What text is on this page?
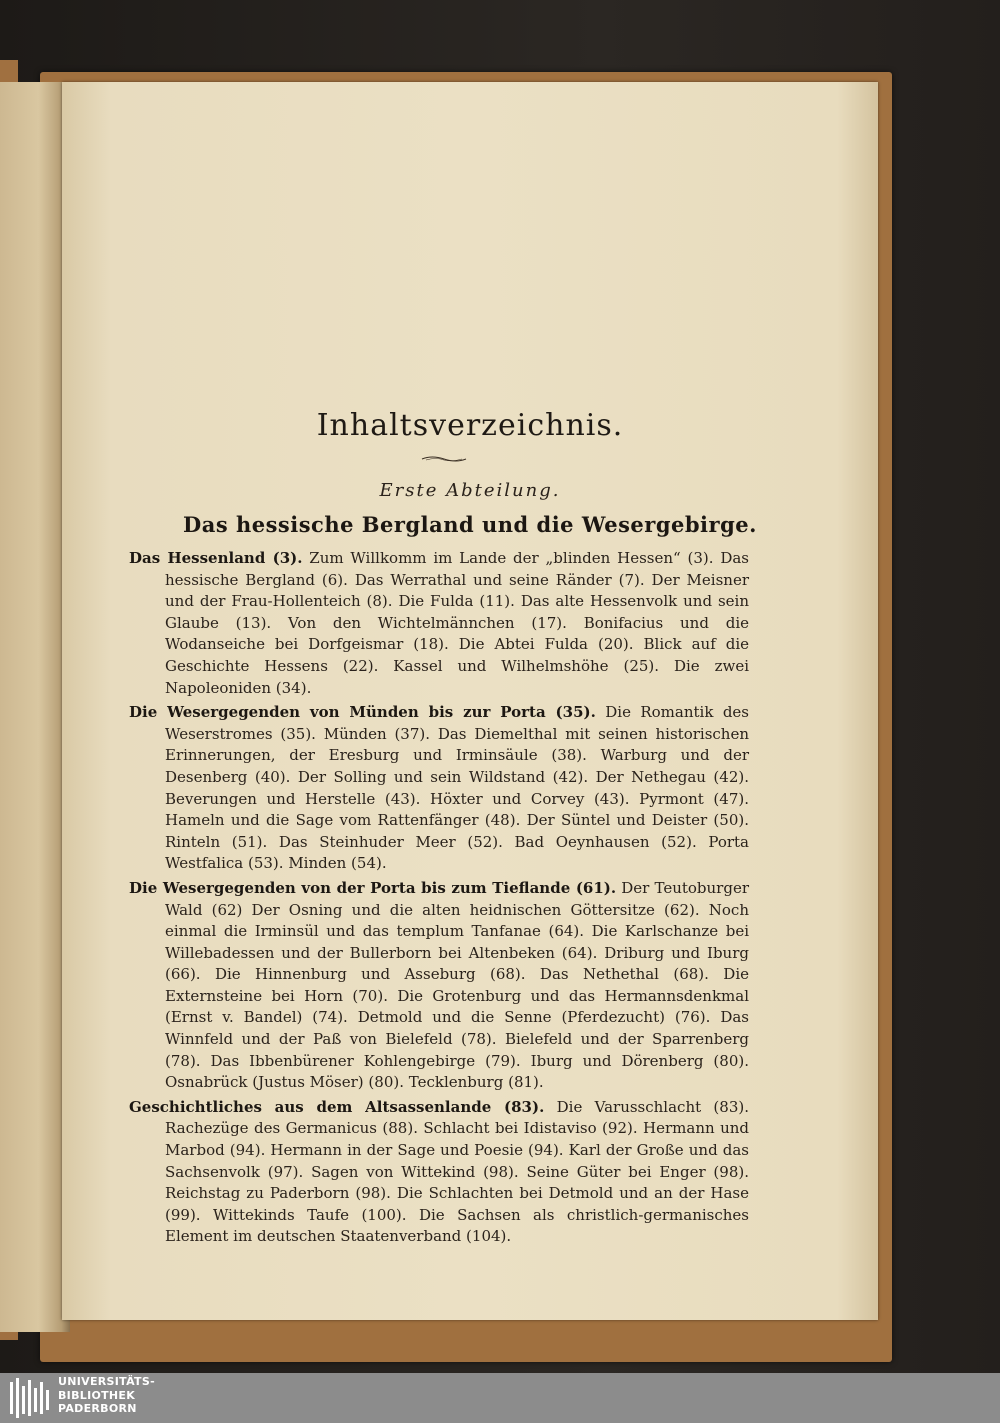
Inhaltsverzeichnis.
Erste Abteilung.
Das hessische Bergland und die Wesergebirge.

Das Hessenland (3). Zum Willkomm im Lande der „blinden Hessen“ (3). Das hessische Bergland (6). Das Werrathal und seine Ränder (7). Der Meisner und der Frau-Hollenteich (8). Die Fulda (11). Das alte Hessenvolk und sein Glaube (13). Von den Wichtelmännchen (17). Bonifacius und die Wodanseiche bei Dorfgeismar (18). Die Abtei Fulda (20). Blick auf die Geschichte Hessens (22). Kassel und Wilhelmshöhe (25). Die zwei Napoleoniden (34).

Die Wesergegenden von Münden bis zur Porta (35). Die Romantik des Weserstromes (35). Münden (37). Das Diemelthal mit seinen historischen Erinnerungen, der Eresburg und Irminsäule (38). Warburg und der Desenberg (40). Der Solling und sein Wildstand (42). Der Nethegau (42). Beverungen und Herstelle (43). Höxter und Corvey (43). Pyrmont (47). Hameln und die Sage vom Rattenfänger (48). Der Süntel und Deister (50). Rinteln (51). Das Steinhuder Meer (52). Bad Oeynhausen (52). Porta Westfalica (53). Minden (54).

Die Wesergegenden von der Porta bis zum Tieflande (61). Der Teutoburger Wald (62) Der Osning und die alten heidnischen Göttersitze (62). Noch einmal die Irminsül und das templum Tanfanae (64). Die Karlschanze bei Willebadessen und der Bullerborn bei Altenbeken (64). Driburg und Iburg (66). Die Hinnenburg und Asseburg (68). Das Nethethal (68). Die Externsteine bei Horn (70). Die Grotenburg und das Hermannsdenkmal (Ernst v. Bandel) (74). Detmold und die Senne (Pferdezucht) (76). Das Winnfeld und der Paß von Bielefeld (78). Bielefeld und der Sparrenberg (78). Das Ibbenbürener Kohlengebirge (79). Iburg und Dörenberg (80). Osnabrück (Justus Möser) (80). Tecklenburg (81).

Geschichtliches aus dem Altsassenlande (83). Die Varusschlacht (83). Rachezüge des Germanicus (88). Schlacht bei Idistaviso (92). Hermann und Marbod (94). Hermann in der Sage und Poesie (94). Karl der Große und das Sachsenvolk (97). Sagen von Wittekind (98). Seine Güter bei Enger (98). Reichstag zu Paderborn (98). Die Schlachten bei Detmold und an der Hase (99). Wittekinds Taufe (100). Die Sachsen als christlich-germanisches Element im deutschen Staatenverband (104).

UNIVERSITÄTS-
BIBLIOTHEK
PADERBORN
